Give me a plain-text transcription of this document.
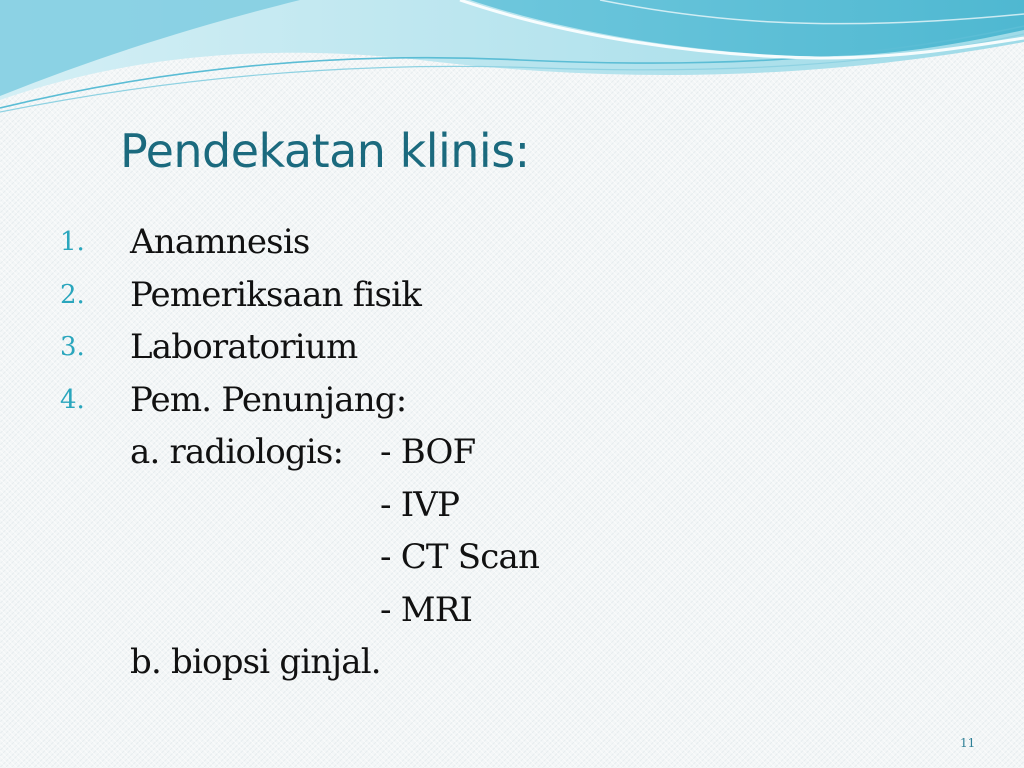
Pendekatan klinis:
1. Anamnesis
2. Pemeriksaan fisik
3. Laboratorium
4. Pem. Penunjang:
a. radiologis: - BOF
- IVP
- CT Scan
- MRI
b. biopsi ginjal.
11
